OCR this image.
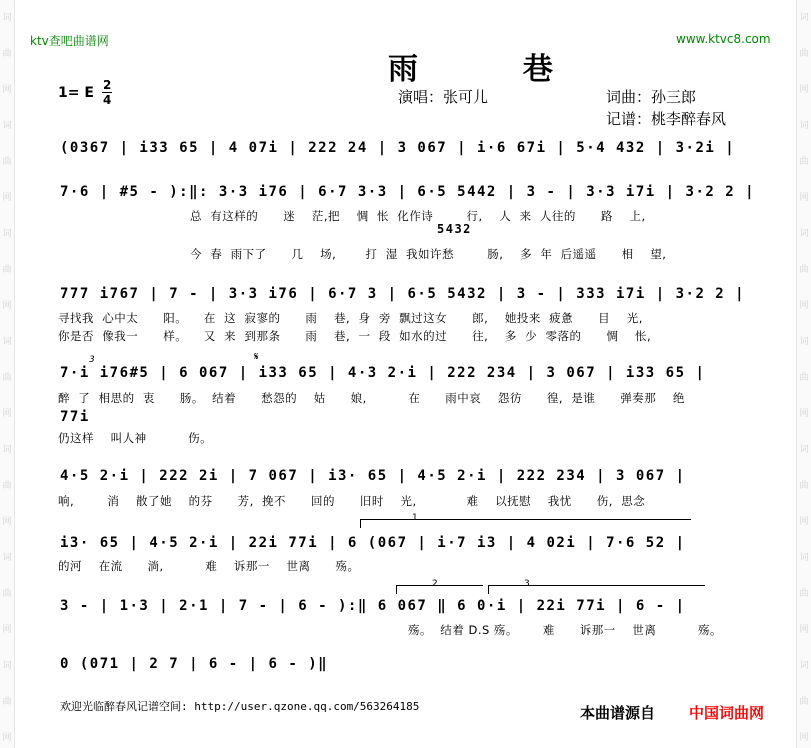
词
曲
网
词
曲
网
词
曲
网
词
曲
网
词
曲
网
词
曲
网
词
曲
网
词
曲
网
词
曲
网
词
曲
网
词
曲
网
词
曲
网
词
曲
网
词
曲
网
ktv查吧曲谱网	www.ktvc8.com
雨  巷
1= E 2
4	演唱：张可儿	词曲：孙三郎
记谱：桃李醉春风
(0367 | i33 65 | 4 07i | 222 24 | 3 067 | i·6 67i | 5·4 432 | 3·2i |
7·6 | #5 - ):‖: 3·3 i76 | 6·7 3·3 | 6·5 5442 | 3 - | 3·3 i7i | 3·2 2 |
总  有这样的      迷    茫,把    惆  怅  化作诗        行,    人  来  人往的      路    上,
5432
今  春  雨下了      几    场,       打  湿  我如许愁        肠,    多  年  后遥遥      相    望,
777 i767 | 7 - | 3·3 i76 | 6·7 3 | 6·5 5432 | 3 - | 333 i7i | 3·2 2 |
寻找我  心中太      阳。    在  这  寂寥的      雨    巷,  身  旁  飘过这女      郎,    她投来  疲惫      目    光,
你是否  像我一      样。    又  来  到那条      雨    巷,  一  段  如水的过      往,    多  少  零落的      惆    怅,
7·i i76#5 | 6 067 | i33 65 | 4·3 2·i | 222 234 | 3 067 | i33 65 |
3	𝄋
醉  了  相思的  衷      肠。  结着      愁怨的    姑      娘,          在      雨中哀    怨彷      徨,  是谁      弹奏那    绝
77i
仍这样    叫人神          伤。
4·5 2·i | 222 2i | 7 067 | i3· 65 | 4·5 2·i | 222 234 | 3 067 |
响,        消    散了她    的芬      芳,  挽不      回的      旧时    光,            难    以抚慰    我忧      伤,  思念
1
i3· 65 | 4·5 2·i | 22i 77i | 6 (067 | i·7 i3 | 4 02i | 7·6 52 |
的河    在流      淌,          难    诉那一    世离      殇。
2	3
3 - | 1·3 | 2·1 | 7 - | 6 - ):‖ 6 067 ‖ 6 0·i | 22i 77i | 6 - |
殇。  结着 D.S 殇。      难      诉那一    世离          殇。
0 (071 | 2 7 | 6 - | 6 - )‖
欢迎光临醉春风记谱空间: http://user.qzone.qq.com/563264185	本曲谱源自 中国词曲网
